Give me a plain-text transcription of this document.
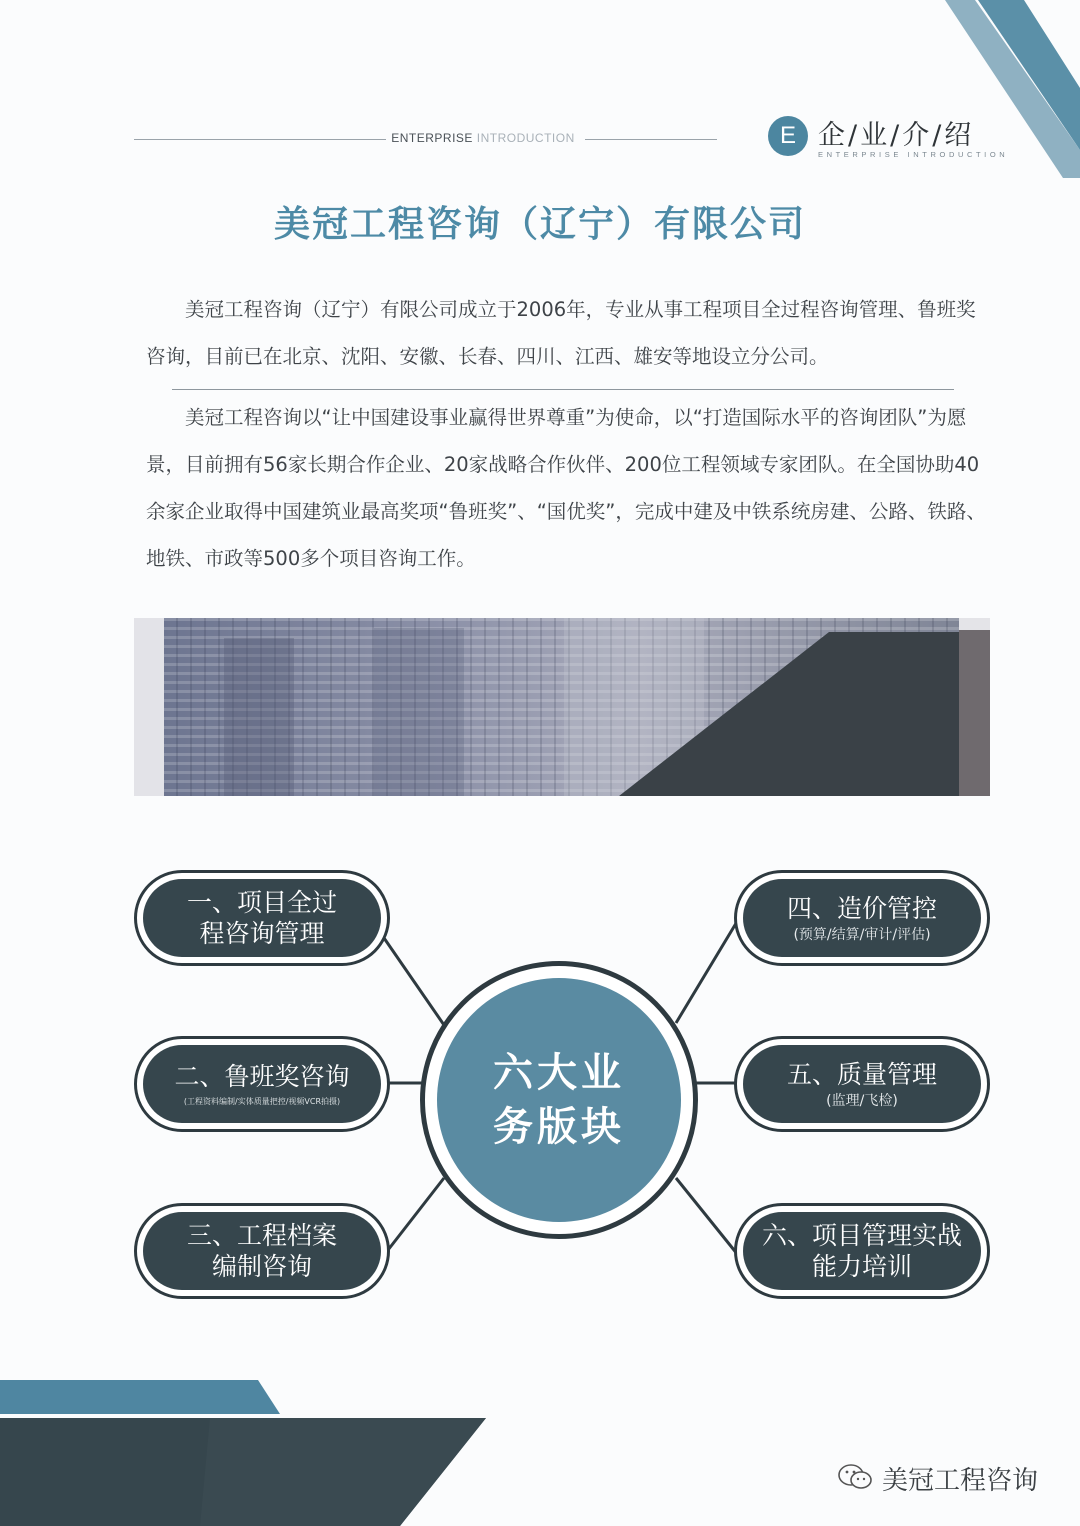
ENTERPRISE INTRODUCTION	E 企/业/介/绍
ENTERPRISE INTRODUCTION
美冠工程咨询（辽宁）有限公司

美冠工程咨询（辽宁）有限公司成立于2006年，专业从事工程项目全过程咨询管理、鲁班奖咨询，目前已在北京、沈阳、安徽、长春、四川、江西、雄安等地设立分公司。

美冠工程咨询以“让中国建设事业赢得世界尊重”为使命，以“打造国际水平的咨询团队”为愿景，目前拥有56家长期合作企业、20家战略合作伙伴、200位工程领域专家团队。在全国协助40余家企业取得中国建筑业最高奖项“鲁班奖”、“国优奖”，完成中建及中铁系统房建、公路、铁路、地铁、市政等500多个项目咨询工作。

一、项目全过程咨询管理
二、鲁班奖咨询
(工程资料编制/实体质量把控/视频VCR拍摄)
三、工程档案编制咨询
四、造价管控
(预算/结算/审计/评估)
五、质量管理
(监理/飞检)
六、项目管理实战能力培训
六大业务版块
美冠工程咨询
